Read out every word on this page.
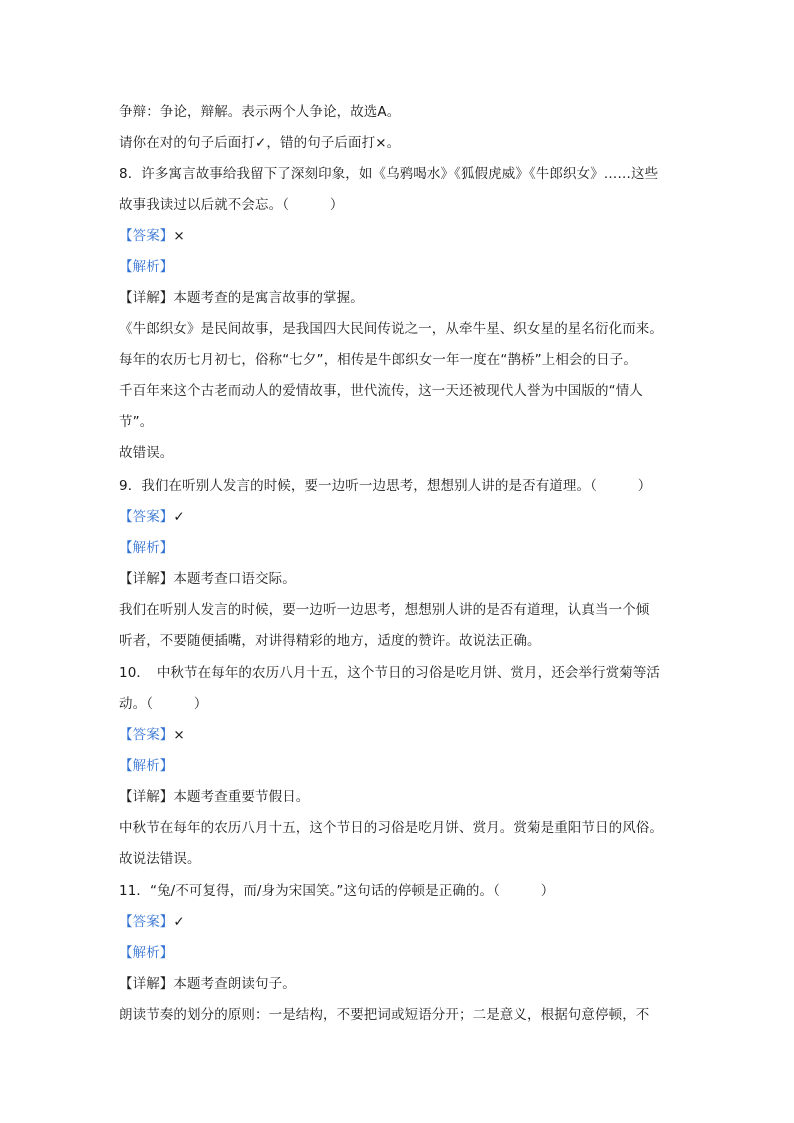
争辩：争论，辩解。表示两个人争论，故选A。
请你在对的句子后面打✓，错的句子后面打×。
8．许多寓言故事给我留下了深刻印象，如《乌鸦喝水》《狐假虎威》《牛郎织女》……这些
故事我读过以后就不会忘。（　　　）
【答案】×
【解析】
【详解】本题考查的是寓言故事的掌握。
《牛郎织女》是民间故事，是我国四大民间传说之一，从牵牛星、织女星的星名衍化而来。
每年的农历七月初七，俗称“七夕”，相传是牛郎织女一年一度在“鹊桥”上相会的日子。
千百年来这个古老而动人的爱情故事，世代流传，这一天还被现代人誉为中国版的“情人
节”。
故错误。
9．我们在听别人发言的时候，要一边听一边思考，想想别人讲的是否有道理。（　　　）
【答案】✓
【解析】
【详解】本题考查口语交际。
我们在听别人发言的时候，要一边听一边思考，想想别人讲的是否有道理，认真当一个倾
听者，不要随便插嘴，对讲得精彩的地方，适度的赞许。故说法正确。
10．　中秋节在每年的农历八月十五，这个节日的习俗是吃月饼、赏月，还会举行赏菊等活
动。（　　　）
【答案】×
【解析】
【详解】本题考查重要节假日。
中秋节在每年的农历八月十五，这个节日的习俗是吃月饼、赏月。赏菊是重阳节日的风俗。
故说法错误。
11．“兔/不可复得，而/身为宋国笑。”这句话的停顿是正确的。（　　　）
【答案】✓
【解析】
【详解】本题考查朗读句子。
朗读节奏的划分的原则：一是结构，不要把词或短语分开；二是意义，根据句意停顿，不
